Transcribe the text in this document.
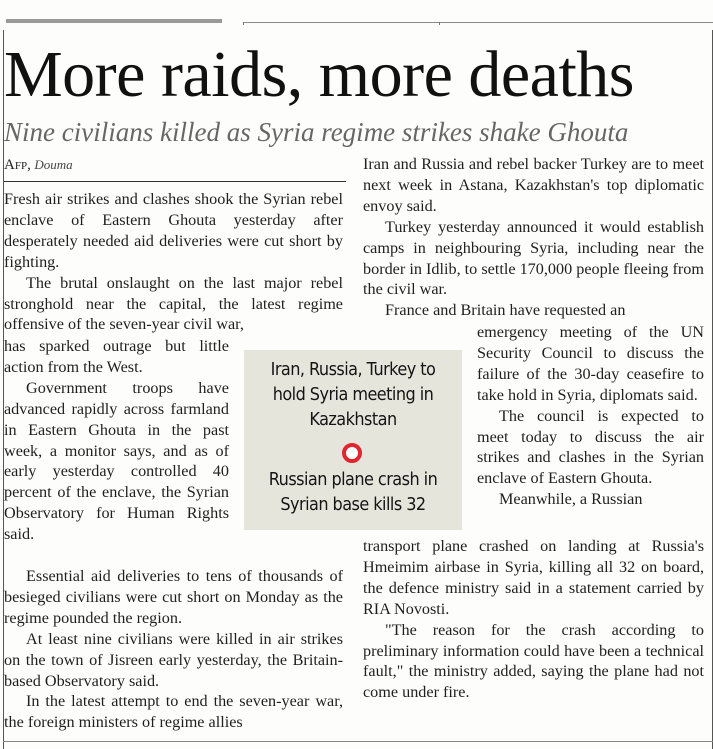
More raids, more deaths
Nine civilians killed as Syria regime strikes shake Ghouta
Afp, Douma

Fresh air strikes and clashes shook the Syrian rebel enclave of Eastern Ghouta yesterday after desperately needed aid deliveries were cut short by fighting.

The brutal onslaught on the last major rebel stronghold near the capital, the latest regime offensive of the seven-year civil war,

has sparked outrage but little action from the West.

Government troops have advanced rapidly across farmland in Eastern Ghouta in the past week, a monitor says, and as of early yesterday controlled 40 percent of the enclave, the Syrian Observatory for Human Rights said.

Essential aid deliveries to tens of thousands of besieged civilians were cut short on Monday as the regime pounded the region.

At least nine civilians were killed in air strikes on the town of Jisreen early yesterday, the Britain-based Observatory said.

In the latest attempt to end the seven-year war, the foreign ministers of regime allies

Iran and Russia and rebel backer Turkey are to meet next week in Astana, Kazakhstan's top diplomatic envoy said.

Turkey yesterday announced it would establish camps in neighbouring Syria, including near the border in Idlib, to settle 170,000 people fleeing from the civil war.

France and Britain have requested an

emergency meeting of the UN Security Council to discuss the failure of the 30-day ceasefire to take hold in Syria, diplomats said.

The council is expected to meet today to discuss the air strikes and clashes in the Syrian enclave of Eastern Ghouta.

Meanwhile, a Russian

transport plane crashed on landing at Russia's Hmeimim airbase in Syria, killing all 32 on board, the defence ministry said in a statement carried by RIA Novosti.

"The reason for the crash according to preliminary information could have been a technical fault," the ministry added, saying the plane had not come under fire.

Iran, Russia, Turkey to hold Syria meeting in Kazakhstan
Russian plane crash in Syrian base kills 32
